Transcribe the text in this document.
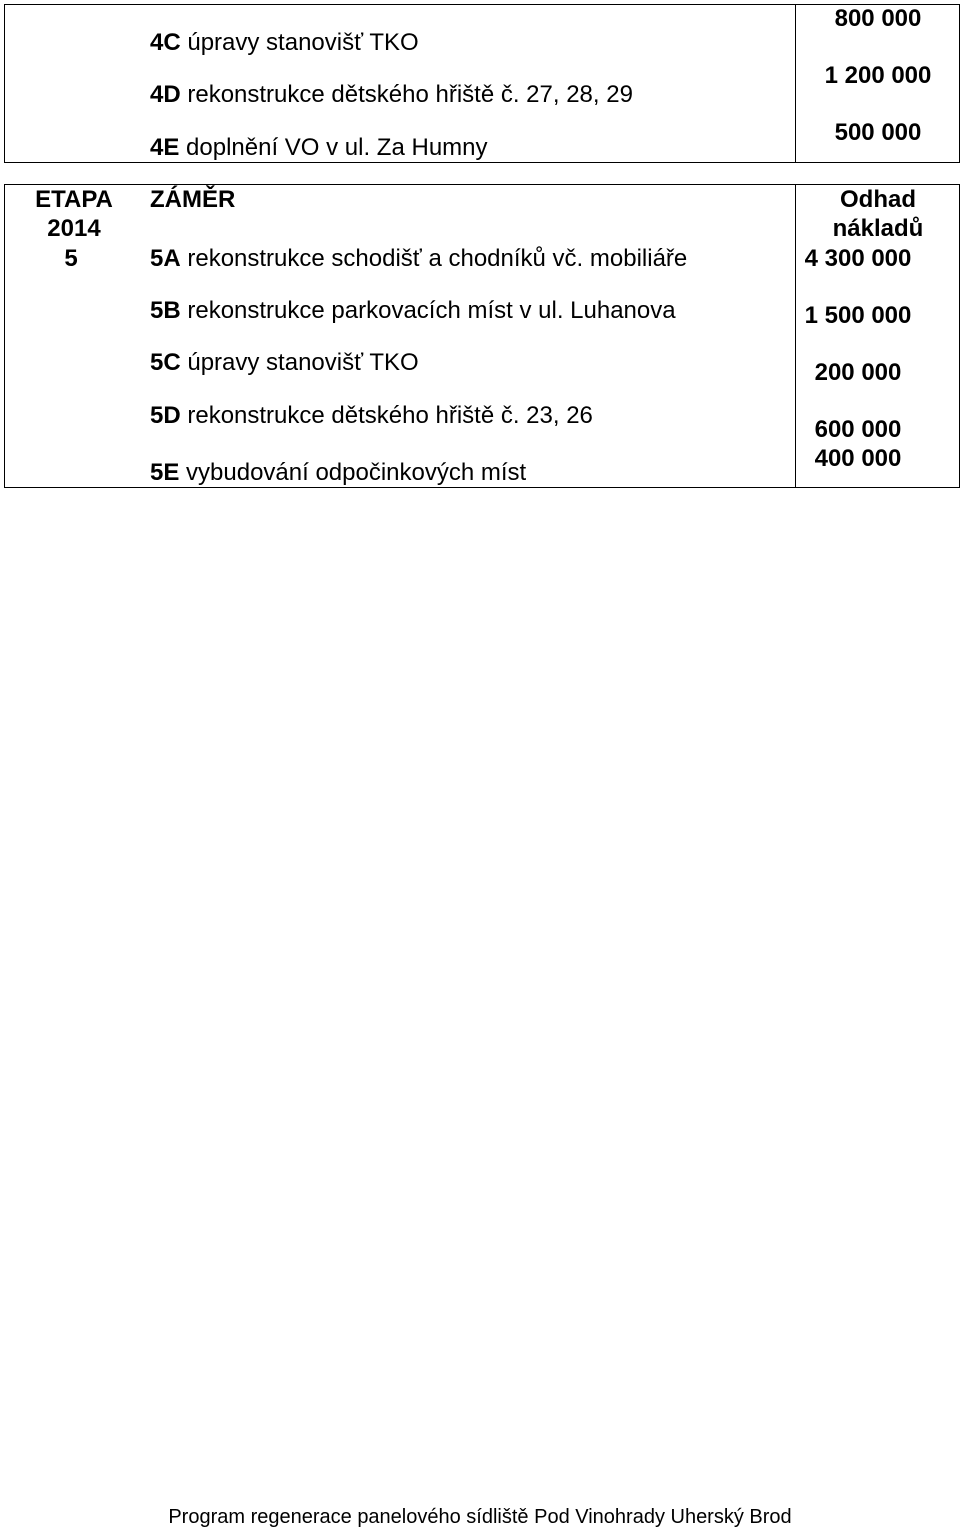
4C úpravy stanovišť TKO
4D rekonstrukce dětského hřiště č. 27, 28, 29
4E doplnění VO v ul. Za Humny
800 000
1 200 000
500 000
ETAPA
2014
ZÁMĚR	Odhad
nákladů
5	5A rekonstrukce schodišť a chodníků vč. mobiliáře
5B rekonstrukce parkovacích míst v ul. Luhanova
5C úpravy stanovišť TKO
5D rekonstrukce dětského hřiště č. 23, 26
5E vybudování odpočinkových míst
4 300 000
1 500 000
200 000
600 000
400 000
Program regenerace panelového sídliště Pod Vinohrady Uherský Brod
